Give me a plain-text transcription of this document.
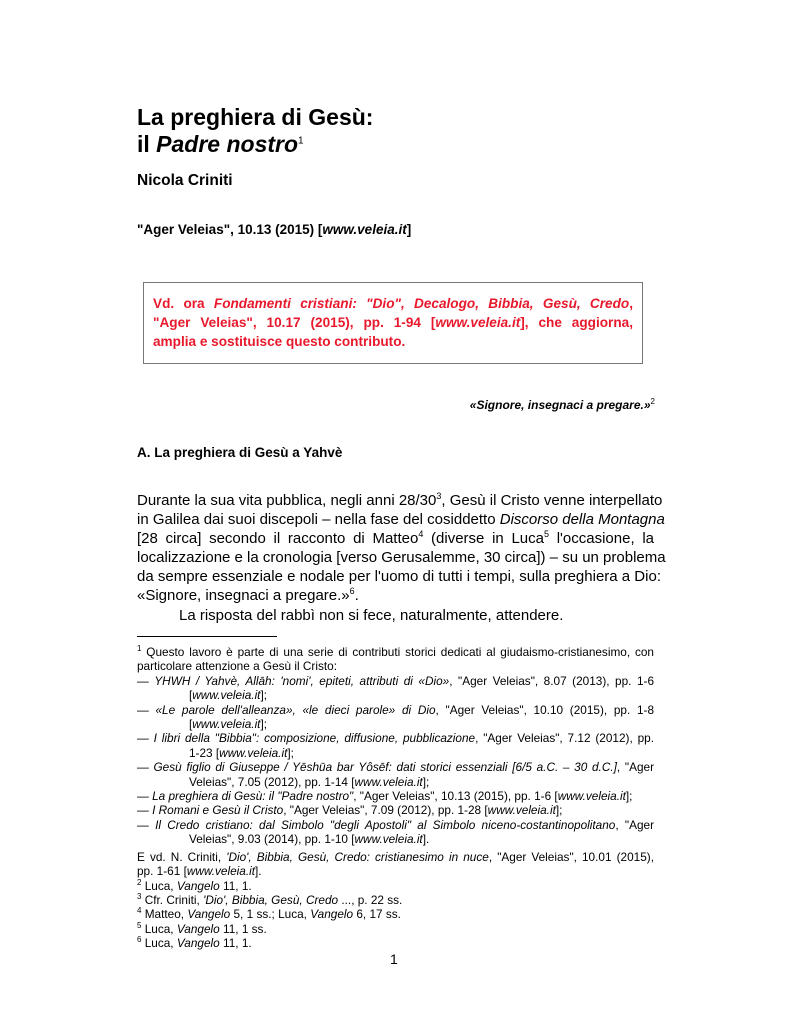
La preghiera di Gesù:
il Padre nostro$^1$
Nicola Criniti
"Ager Veleias", 10.13 (2015) [www.veleia.it]
Vd. ora Fondamenti cristiani: "Dio", Decalogo, Bibbia, Gesù, Credo,
"Ager Veleias", 10.17 (2015), pp. 1-94 [www.veleia.it], che aggiorna,
amplia e sostituisce questo contributo.
«Signore, insegnaci a pregare.»$^2$
A. La preghiera di Gesù a Yahvè
Durante la sua vita pubblica, negli anni $28/30^3$, Gesù il Cristo venne interpellato
in Galilea dai suoi discepoli – nella fase del cosiddetto Discorso della Montagna
[28 circa] secondo il racconto di Matteo$^4$ (diverse in Luca$^5$ l'occasione, la
localizzazione e la cronologia [verso Gerusalemme, 30 circa]) – su un problema
da sempre essenziale e nodale per l'uomo di tutti i tempi, sulla preghiera a Dio:
«Signore, insegnaci a pregare.»$^6$.
La risposta del rabbì non si fece, naturalmente, attendere.
$^1$ Questo lavoro è parte di una serie di contributi storici dedicati al giudaismo-cristianesimo, con
particolare attenzione a Gesù il Cristo:
— YHWH / Yahvè, Allāh: 'nomi', epiteti, attributi di «Dio», "Ager Veleias", 8.07 (2013), pp. 1-6
[www.veleia.it];
— «Le parole dell'alleanza», «le dieci parole» di Dio, "Ager Veleias", 10.10 (2015), pp. 1-8
[www.veleia.it];
— I libri della "Bibbia": composizione, diffusione, pubblicazione, "Ager Veleias", 7.12 (2012), pp.
1-23 [www.veleia.it];
— Gesù figlio di Giuseppe / Yēshūa bar Yôsēf: dati storici essenziali [6/5 a.C. – 30 d.C.], "Ager
Veleias", 7.05 (2012), pp. 1-14 [www.veleia.it];
— La preghiera di Gesù: il "Padre nostro", "Ager Veleias", 10.13 (2015), pp. 1-6 [www.veleia.it];
— I Romani e Gesù il Cristo, "Ager Veleias", 7.09 (2012), pp. 1-28 [www.veleia.it];
— Il Credo cristiano: dal Simbolo "degli Apostoli" al Simbolo niceno-costantinopolitano, "Ager
Veleias", 9.03 (2014), pp. 1-10 [www.veleia.it].
E vd. N. Criniti, 'Dio', Bibbia, Gesù, Credo: cristianesimo in nuce, "Ager Veleias", 10.01 (2015),
pp. 1-61 [www.veleia.it].
$^2$ Luca, Vangelo 11, 1.
$^3$ Cfr. Criniti, 'Dio', Bibbia, Gesù, Credo ..., p. 22 ss.
$^4$ Matteo, Vangelo 5, 1 ss.; Luca, Vangelo 6, 17 ss.
$^5$ Luca, Vangelo 11, 1 ss.
$^6$ Luca, Vangelo 11, 1.
1
